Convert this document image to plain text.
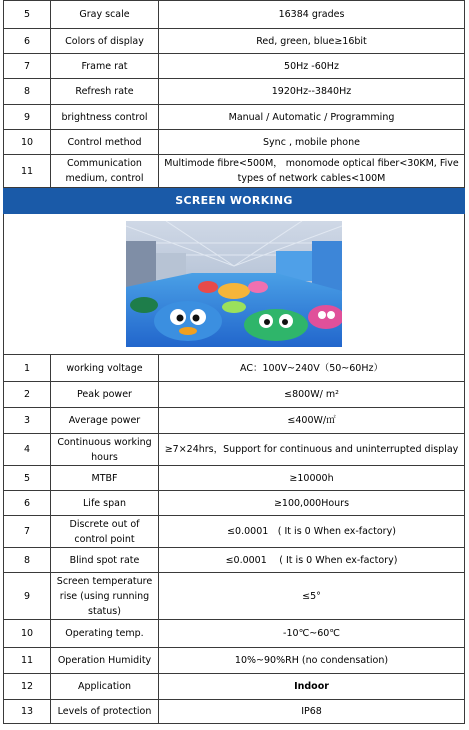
5	Gray scale	16384 grades
6	Colors of display	Red, green, blue≥16bit
7	Frame rat	50Hz -60Hz
8	Refresh rate	1920Hz--3840Hz
9	brightness control	Manual / Automatic / Programming
10	Control method	Sync , mobile phone
11	Communication medium, control	Multimode fibre<500M， monomode optical fiber<30KM, Five types of network cables<100M
SCREEN WORKING		

1	working voltage	AC：100V~240V（50~60Hz）
2	Peak power	≤800W/ m²
3	Average power	≤400W/㎡
4	Continuous working hours	≥7×24hrs，Support for continuous and uninterrupted display
5	MTBF	≥10000h
6	Life span	≥100,000Hours
7	Discrete out of control point	≤0.0001　( It is 0 When ex-factory)
8	Blind spot rate	≤0.0001　 ( It is 0 When ex-factory)
9	Screen temperature rise (using running status)	≤5°
10	Operating temp.	-10℃~60℃
11	Operation Humidity	10%~90%RH (no condensation)
12	Application	Indoor
13	Levels of protection	IP68
